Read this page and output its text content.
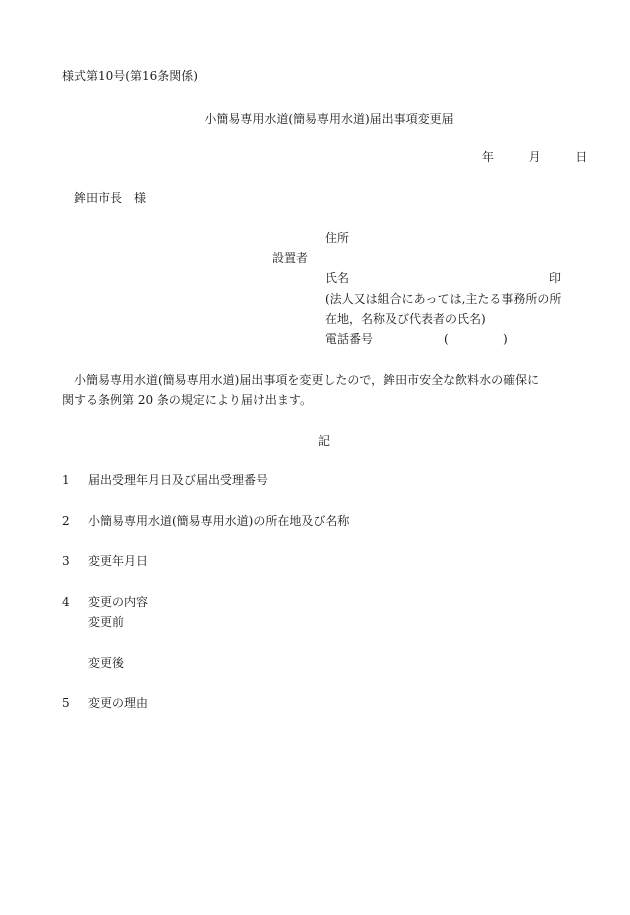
様式第10号(第16条関係)
小簡易専用水道(簡易専用水道)届出事項変更届
年	月	日
鉾田市長　様
住所
設置者
氏名	印
(法人又は組合にあっては,主たる事務所の所
在地，名称及び代表者の氏名)
電話番号	(	)
小簡易専用水道(簡易専用水道)届出事項を変更したので，鉾田市安全な飲料水の確保に
関する条例第 20 条の規定により届け出ます。
記
1 届出受理年月日及び届出受理番号
2 小簡易専用水道(簡易専用水道)の所在地及び名称
3 変更年月日
4 変更の内容
変更前
変更後
5 変更の理由
